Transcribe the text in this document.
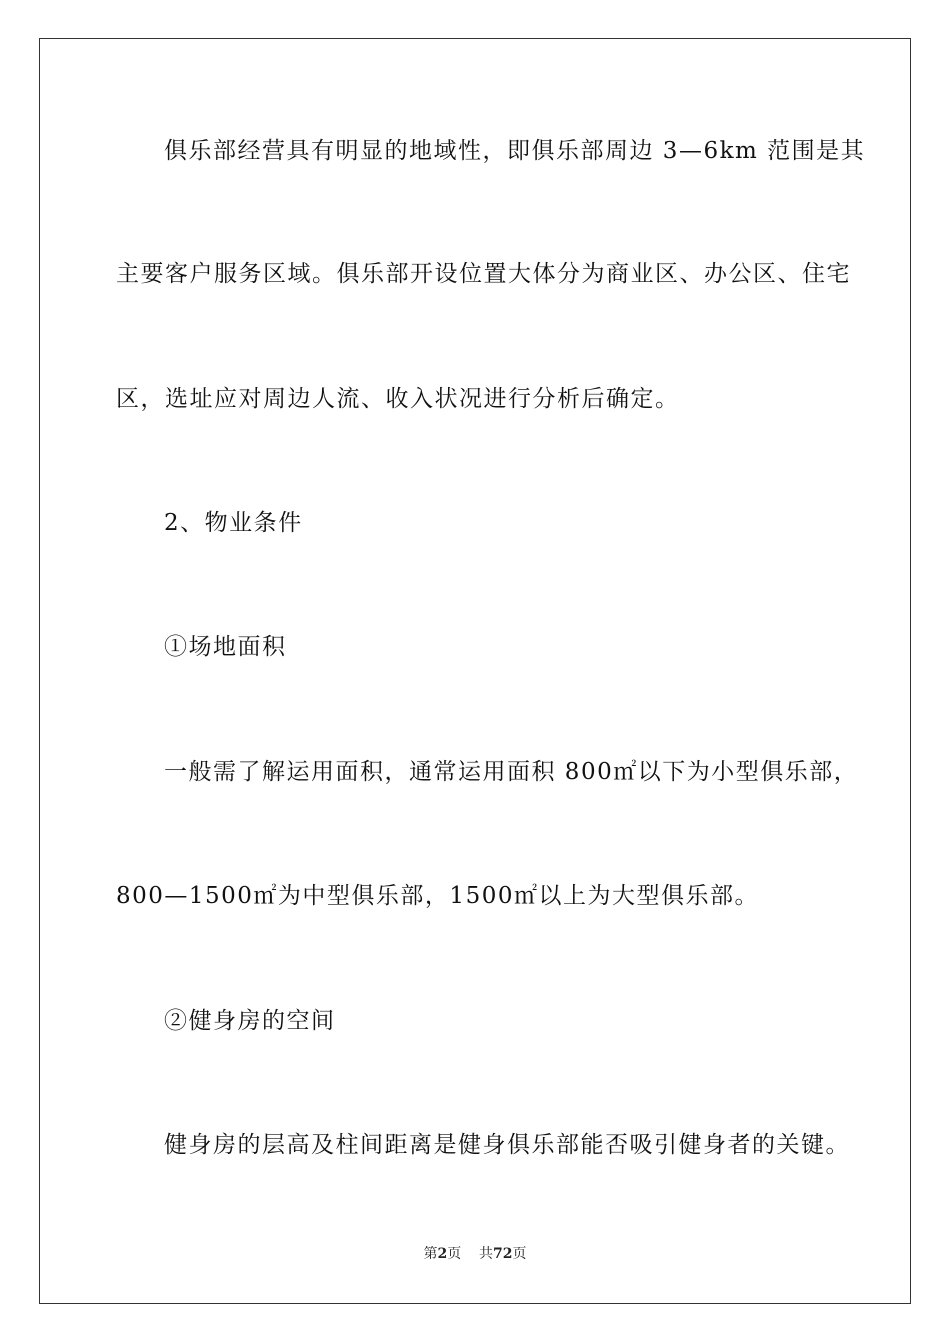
俱乐部经营具有明显的地域性，即俱乐部周边 3—6km 范围是其
主要客户服务区域。俱乐部开设位置大体分为商业区、办公区、住宅
区，选址应对周边人流、收入状况进行分析后确定。
2、物业条件
①场地面积
一般需了解运用面积，通常运用面积 800㎡以下为小型俱乐部，
800—1500㎡为中型俱乐部，1500㎡以上为大型俱乐部。
②健身房的空间
健身房的层高及柱间距离是健身俱乐部能否吸引健身者的关键。
第2页 共72页
